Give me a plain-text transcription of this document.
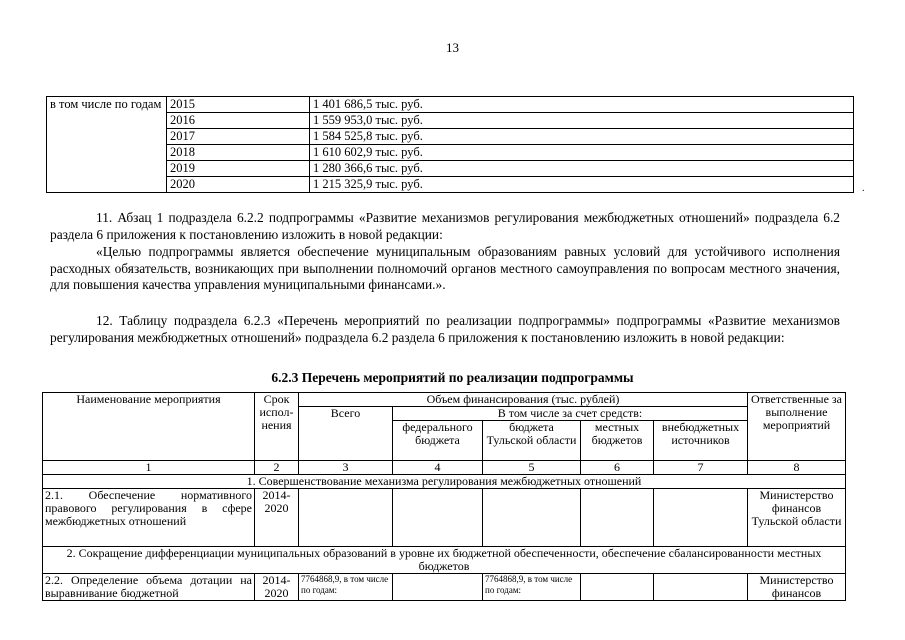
13
в том числе по годам	2015	1 401 686,5 тыс. руб.
	2016	1 559 953,0 тыс. руб.
	2017	1 584 525,8 тыс. руб.
	2018	1 610 602,9 тыс. руб.
	2019	1 280 366,6 тыс. руб.
	2020	1 215 325,9 тыс. руб.	.

11. Абзац 1 подраздела 6.2.2 подпрограммы «Развитие механизмов регулирования межбюджетных отношений» подраздела 6.2 раздела 6 приложения к постановлению изложить в новой редакции:

«Целью подпрограммы является обеспечение муниципальным образованиям равных условий для устойчивого исполнения расходных обязательств, возникающих при выполнении полномочий органов местного самоуправления по вопросам местного значения, для повышения качества управления муниципальными финансами.».

12. Таблицу подраздела 6.2.3 «Перечень мероприятий по реализации подпрограммы» подпрограммы «Развитие механизмов регулирования межбюджетных отношений» подраздела 6.2 раздела 6 приложения к постановлению изложить в новой редакции:

6.2.3 Перечень мероприятий по реализации подпрограммы
Наименование мероприятия	Срок испол-нения	Объем финансирования (тыс. рублей)					Ответственные за выполнение мероприятий
		Всего	В том числе за счет средств:				
			федерального бюджета	бюджета Тульской области	местных бюджетов	внебюджетных источников	
1	2	3	4	5	6	7	8
1. Совершенствование механизма регулирования межбюджетных отношений							
2.1. Обеспечение нормативного правового регулирования в сфере межбюджетных отношений	2014-2020						Министерство финансов Тульской области
2. Сокращение дифференциации муниципальных образований в уровне их бюджетной обеспеченности, обеспечение сбалансированности местных бюджетов							
2.2. Определение объема дотации на выравнивание бюджетной	2014-2020	7764868,9, в том числе по годам:		7764868,9, в том числе по годам:			Министерство финансов
